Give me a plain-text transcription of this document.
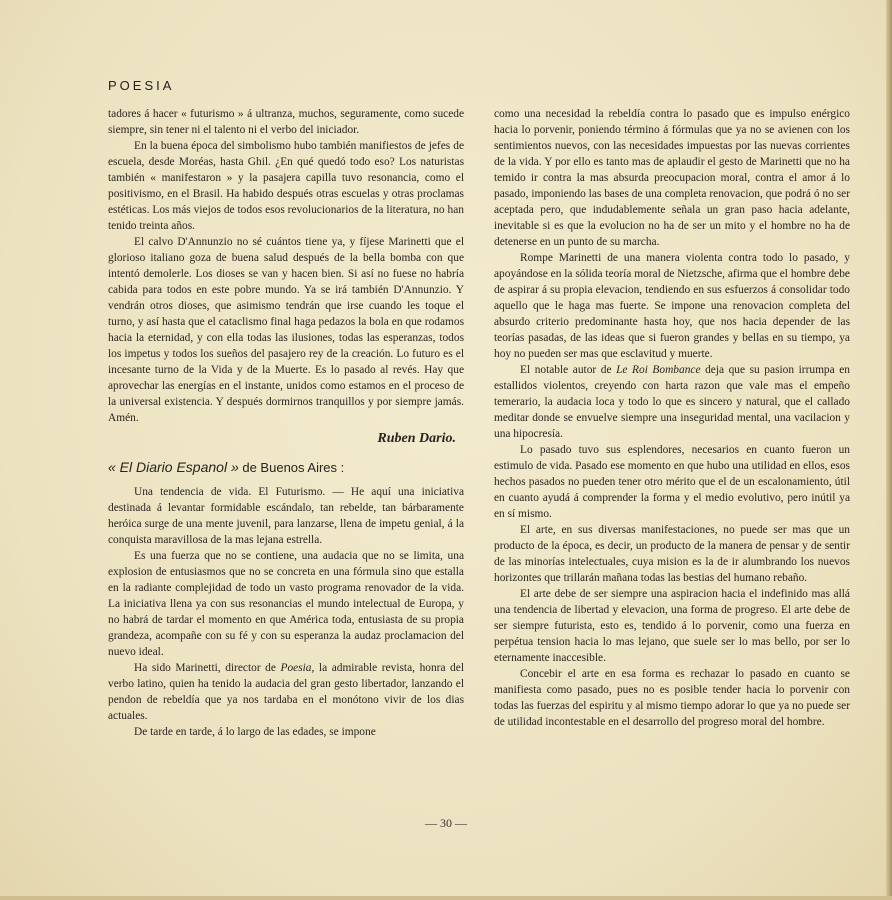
POESIA

tadores á hacer « futurismo » á ultranza, muchos, seguramente, como sucede siempre, sin tener ni el talento ni el verbo del iniciador.

En la buena época del simbolismo hubo también manifiestos de jefes de escuela, desde Moréas, hasta Ghil. ¿En qué quedó todo eso? Los naturistas también « manifestaron » y la pasajera capilla tuvo resonancia, como el positivismo, en el Brasil. Ha habido después otras escuelas y otras proclamas estéticas. Los más viejos de todos esos revolucionarios de la literatura, no han tenido treinta años.

El calvo D'Annunzio no sé cuántos tiene ya, y fíjese Marinetti que el glorioso italiano goza de buena salud después de la bella bomba con que intentó demolerle. Los dioses se van y hacen bien. Si así no fuese no habría cabida para todos en este pobre mundo. Ya se irá también D'Annunzio. Y vendrán otros dioses, que asimismo tendrán que irse cuando les toque el turno, y así hasta que el cataclismo final haga pedazos la bola en que rodamos hacia la eternidad, y con ella todas las ilusiones, todas las esperanzas, todos los impetus y todos los sueños del pasajero rey de la creación. Lo futuro es el incesante turno de la Vida y de la Muerte. Es lo pasado al revés. Hay que aprovechar las energías en el instante, unidos como estamos en el proceso de la universal existencia. Y después dormirnos tranquillos y por siempre jamás. Amén.

Ruben Dario.

« El Diario Espanol » de Buenos Aires :

Una tendencia de vida. El Futurismo. — He aquí una iniciativa destinada á levantar formidable escándalo, tan rebelde, tan bárbaramente heróica surge de una mente juvenil, para lanzarse, llena de impetu genial, á la conquista maravillosa de la mas lejana estrella.

Es una fuerza que no se contiene, una audacia que no se limita, una explosion de entusiasmos que no se concreta en una fórmula sino que estalla en la radiante complejidad de todo un vasto programa renovador de la vida. La iniciativa llena ya con sus resonancias el mundo intelectual de Europa, y no habrá de tardar el momento en que América toda, entusiasta de su propia grandeza, acompañe con su fé y con su esperanza la audaz proclamacion del nuevo ideal.

Ha sido Marinetti, director de Poesia, la admirable revista, honra del verbo latino, quien ha tenido la audacia del gran gesto libertador, lanzando el pendon de rebeldía que ya nos tardaba en el monótono vivir de los dias actuales.

De tarde en tarde, á lo largo de las edades, se impone

como una necesidad la rebeldía contra lo pasado que es impulso enérgico hacia lo porvenir, poniendo término á fórmulas que ya no se avienen con los sentimientos nuevos, con las necesidades impuestas por las nuevas corrientes de la vida. Y por ello es tanto mas de aplaudir el gesto de Marinetti que no ha temido ir contra la mas absurda preocupacion moral, contra el amor á lo pasado, imponiendo las bases de una completa renovacion, que podrá ó no ser aceptada pero, que indudablemente señala un gran paso hacia adelante, inevitable si es que la evolucion no ha de ser un mito y el hombre no ha de detenerse en un punto de su marcha.

Rompe Marinetti de una manera violenta contra todo lo pasado, y apoyándose en la sólida teoría moral de Nietzsche, afirma que el hombre debe de aspirar á su propia elevacion, tendiendo en sus esfuerzos á consolidar todo aquello que le haga mas fuerte. Se impone una renovacion completa del absurdo criterio predominante hasta hoy, que nos hacia depender de las teorías pasadas, de las ideas que si fueron grandes y bellas en su tiempo, ya hoy no pueden ser mas que esclavitud y muerte.

El notable autor de Le Roi Bombance deja que su pasion irrumpa en estallidos violentos, creyendo con harta razon que vale mas el empeño temerario, la audacia loca y todo lo que es sincero y natural, que el callado meditar donde se envuelve siempre una inseguridad mental, una vacilacion y una hipocresía.

Lo pasado tuvo sus esplendores, necesarios en cuanto fueron un estimulo de vida. Pasado ese momento en que hubo una utilidad en ellos, esos hechos pasados no pueden tener otro mérito que el de un escalonamiento, útil en cuanto ayudá á comprender la forma y el medio evolutivo, pero inútil ya en sí mismo.

El arte, en sus diversas manifestaciones, no puede ser mas que un producto de la época, es decir, un producto de la manera de pensar y de sentir de las minorías intelectuales, cuya mision es la de ir alumbrando los nuevos horizontes que trillarán mañana todas las bestias del humano rebaño.

El arte debe de ser siempre una aspiracion hacia el indefinido mas allá una tendencia de libertad y elevacion, una forma de progreso. El arte debe de ser siempre futurista, esto es, tendido á lo porvenir, como una fuerza en perpétua tension hacia lo mas lejano, que suele ser lo mas bello, por ser lo eternamente inaccesible.

Concebir el arte en esa forma es rechazar lo pasado en cuanto se manifiesta como pasado, pues no es posible tender hacia lo porvenir con todas las fuerzas del espiritu y al mismo tiempo adorar lo que ya no puede ser de utilidad incontestable en el desarrollo del progreso moral del hombre.

— 30 —
